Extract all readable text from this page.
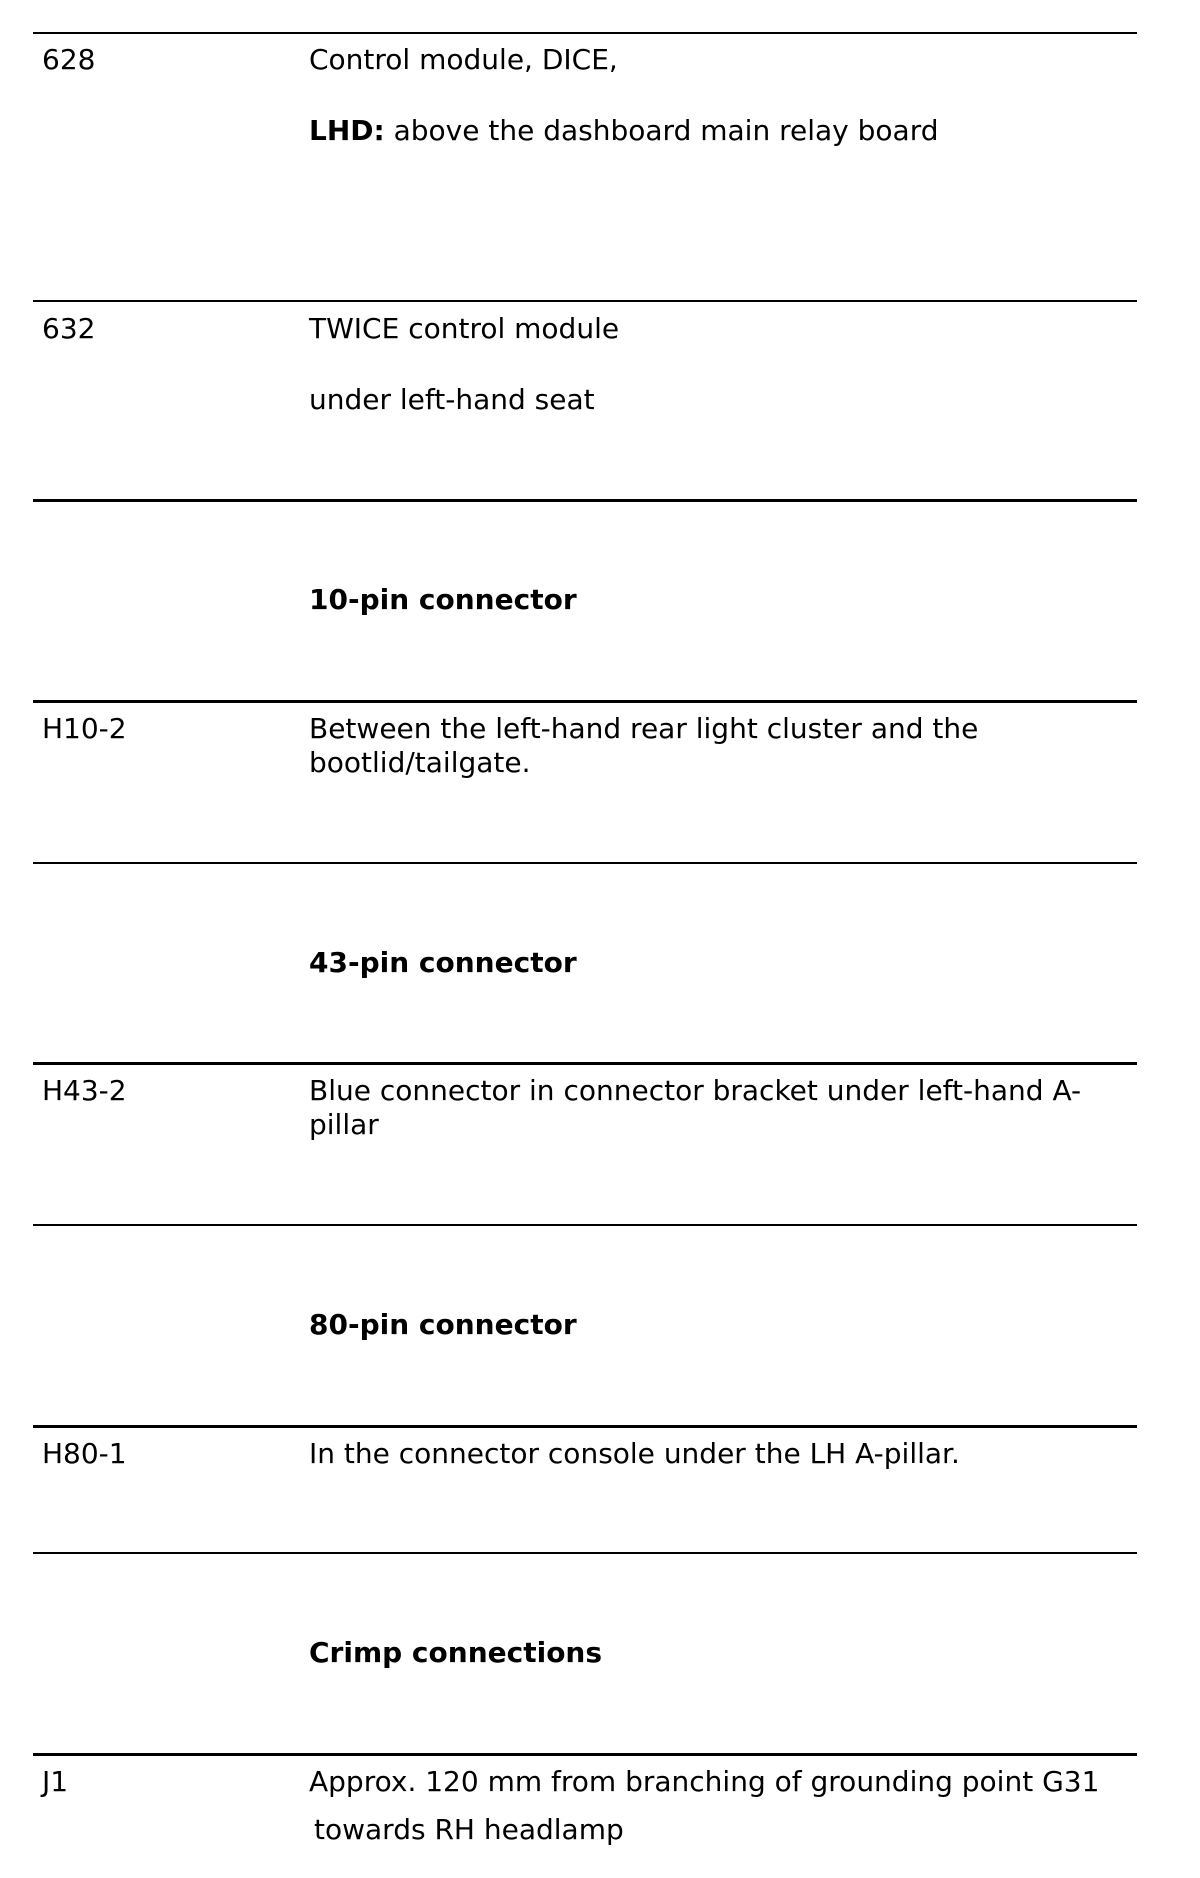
628	Control module, DICE,
LHD: above the dashboard main relay board
632	TWICE control module
under left-hand seat
10-pin connector
H10-2	Between the left-hand rear light cluster and the
bootlid/tailgate.
43-pin connector
H43-2	Blue connector in connector bracket under left-hand A-
pillar
80-pin connector
H80-1	In the connector console under the LH A-pillar.
Crimp connections
J1	Approx. 120 mm from branching of grounding point G31
towards RH headlamp
